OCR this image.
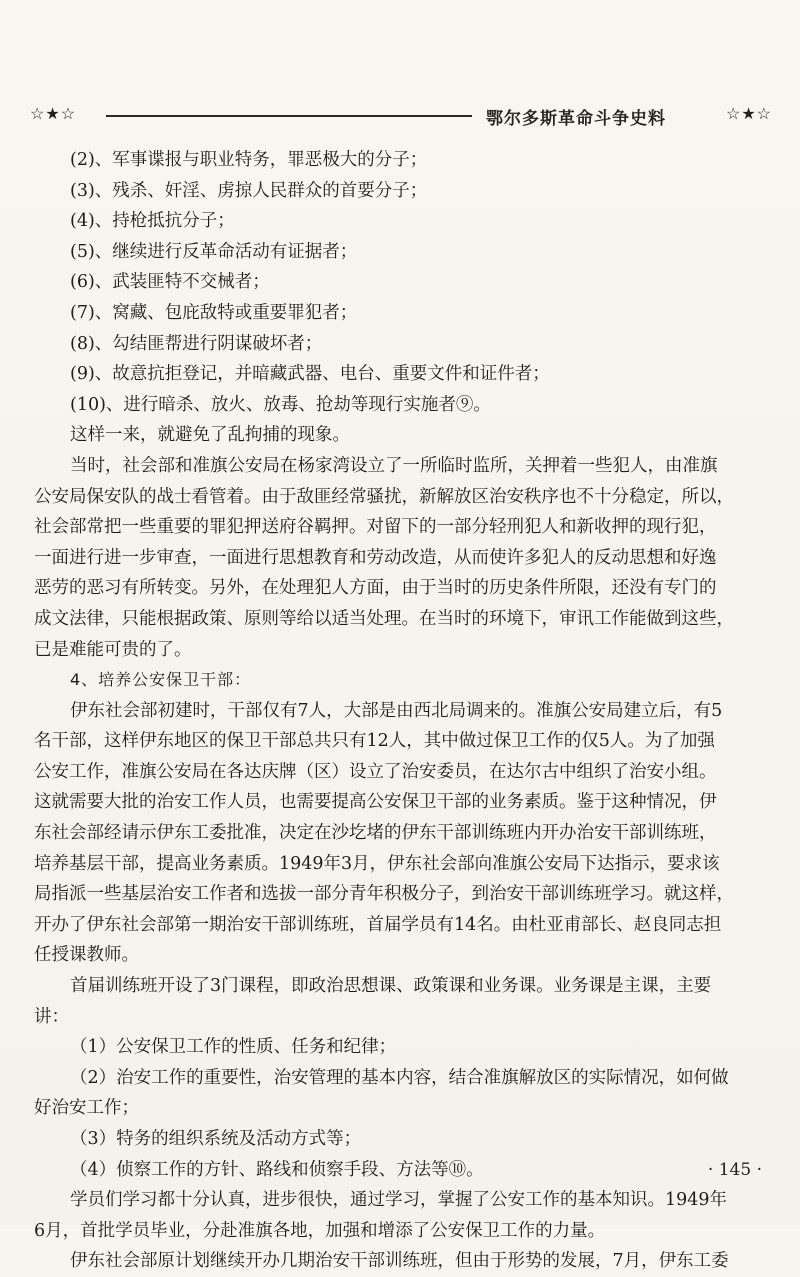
☆★☆	鄂尔多斯革命斗争史料	☆★☆
(2)、军事谍报与职业特务，罪恶极大的分子；
(3)、残杀、奸淫、虏掠人民群众的首要分子；
(4)、持枪抵抗分子；
(5)、继续进行反革命活动有证据者；
(6)、武装匪特不交械者；
(7)、窝藏、包庇敌特或重要罪犯者；
(8)、勾结匪帮进行阴谋破坏者；
(9)、故意抗拒登记，并暗藏武器、电台、重要文件和证件者；
(10)、进行暗杀、放火、放毒、抢劫等现行实施者⑨。
这样一来，就避免了乱拘捕的现象。
当时，社会部和准旗公安局在杨家湾设立了一所临时监所，关押着一些犯人，由准旗
公安局保安队的战士看管着。由于敌匪经常骚扰，新解放区治安秩序也不十分稳定，所以，
社会部常把一些重要的罪犯押送府谷羁押。对留下的一部分轻刑犯人和新收押的现行犯，
一面进行进一步审查，一面进行思想教育和劳动改造，从而使许多犯人的反动思想和好逸
恶劳的恶习有所转变。另外，在处理犯人方面，由于当时的历史条件所限，还没有专门的
成文法律，只能根据政策、原则等给以适当处理。在当时的环境下，审讯工作能做到这些，
已是难能可贵的了。
4、培养公安保卫干部：
伊东社会部初建时，干部仅有7人，大部是由西北局调来的。准旗公安局建立后，有5
名干部，这样伊东地区的保卫干部总共只有12人，其中做过保卫工作的仅5人。为了加强
公安工作，准旗公安局在各达庆牌（区）设立了治安委员，在达尔古中组织了治安小组。
这就需要大批的治安工作人员，也需要提高公安保卫干部的业务素质。鉴于这种情况，伊
东社会部经请示伊东工委批准，决定在沙圪堵的伊东干部训练班内开办治安干部训练班，
培养基层干部，提高业务素质。1949年3月，伊东社会部向准旗公安局下达指示，要求该
局指派一些基层治安工作者和选拔一部分青年积极分子，到治安干部训练班学习。就这样，
开办了伊东社会部第一期治安干部训练班，首届学员有14名。由杜亚甫部长、赵良同志担
任授课教师。
首届训练班开设了3门课程，即政治思想课、政策课和业务课。业务课是主课，主要
讲：
（1）公安保卫工作的性质、任务和纪律；
（2）治安工作的重要性，治安管理的基本内容，结合准旗解放区的实际情况，如何做
好治安工作；
（3）特务的组织系统及活动方式等；
（4）侦察工作的方针、路线和侦察手段、方法等⑩。
学员们学习都十分认真，进步很快，通过学习，掌握了公安工作的基本知识。1949年
6月，首批学员毕业，分赴准旗各地，加强和增添了公安保卫工作的力量。
伊东社会部原计划继续开办几期治安干部训练班，但由于形势的发展，7月，伊东工委
· 145 ·
